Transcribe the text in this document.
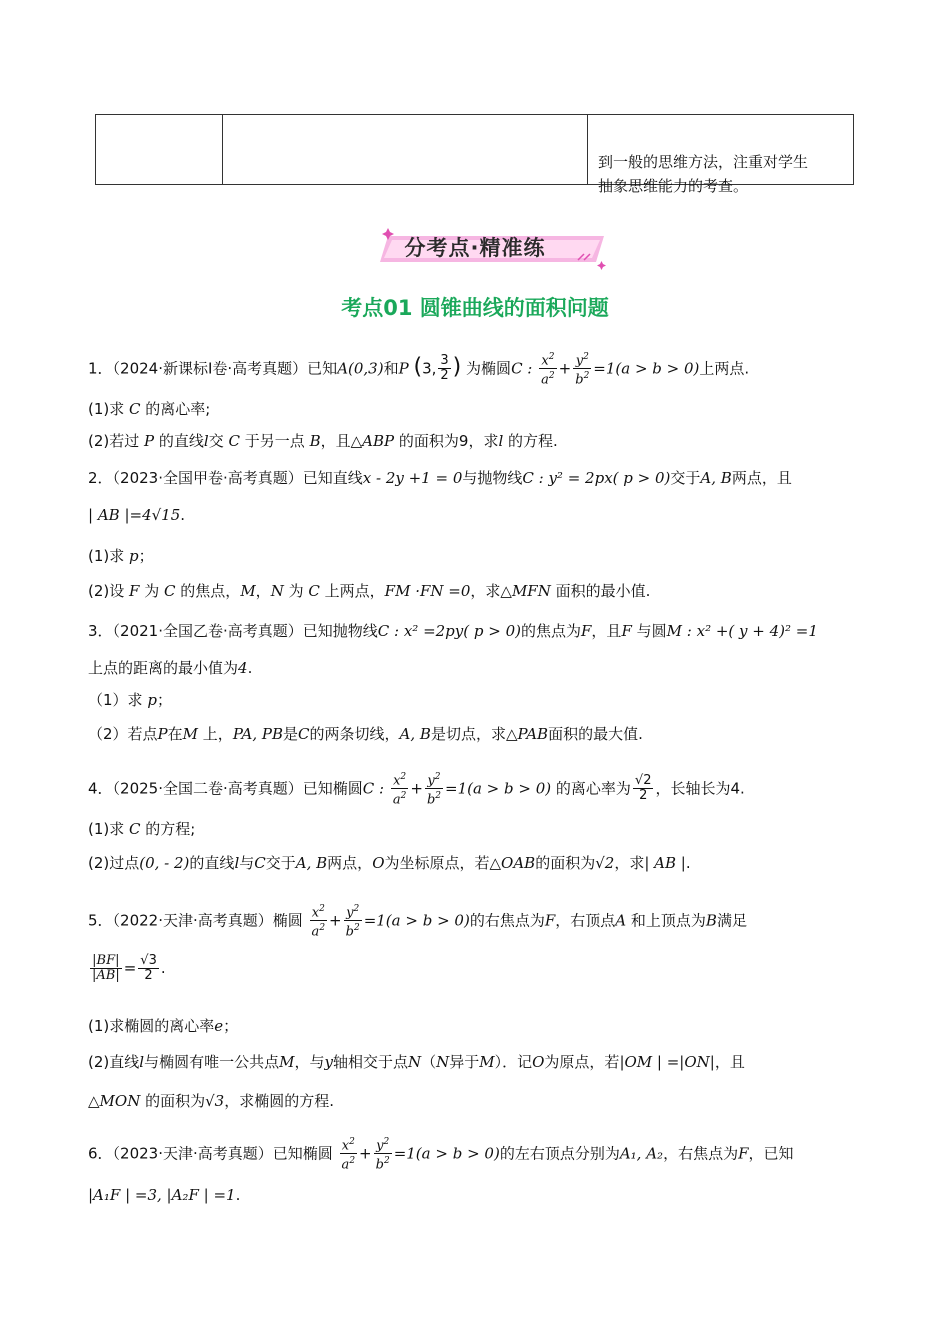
到一般的思维方法，注重对学生
抽象思维能力的考查。
分考点·精准练
考点01 圆锥曲线的面积问题
1．（2024·新课标Ⅰ卷·高考真题）已知A(0,3)和P (3, $\frac{3}{2}$ ) 为椭圆C : $\frac{x^2}{a^2} + \frac{y^2}{b^2} =1(a > b > 0)$上两点.
(1)求 C 的离心率;
(2)若过 P 的直线l交 C 于另一点 B，且△ABP 的面积为9，求l 的方程.
2．（2023·全国甲卷·高考真题）已知直线x - 2y +1 = 0与抛物线C : y² = 2px( p > 0)交于A, B两点，且
| AB |=4√15.
(1)求 p；
(2)设 F 为 C 的焦点，M，N 为 C 上两点，FM ·FN =0，求△MFN 面积的最小值.
3．（2021·全国乙卷·高考真题）已知抛物线C : x² =2py( p > 0)的焦点为F，且F 与圆M : x² +( y + 4)² =1
上点的距离的最小值为4.
（1）求 p；
（2）若点P在M 上，PA, PB是C的两条切线，A, B是切点，求△PAB面积的最大值.
4．（2025·全国二卷·高考真题）已知椭圆C : $\frac{x^2}{a^2} + \frac{y^2}{b^2} =1(a > b > 0)$ 的离心率为 $\frac{√2}{2}$ ，长轴长为4.
(1)求 C 的方程;
(2)过点(0, - 2)的直线l与C交于A, B两点，O为坐标原点，若△OAB的面积为√2，求| AB |.
5．（2022·天津·高考真题）椭圆 $\frac{x^2}{a^2} + \frac{y^2}{b^2} =1(a > b > 0)$的右焦点为F，右顶点A 和上顶点为B满足
$\frac{|BF|}{|AB|} = \frac{√3}{2}$ .
(1)求椭圆的离心率e；
(2)直线l与椭圆有唯一公共点M，与y轴相交于点N（N异于M）．记O为原点，若|OM | =|ON|，且
△MON 的面积为√3，求椭圆的方程.
6．（2023·天津·高考真题）已知椭圆 $\frac{x^2}{a^2} + \frac{y^2}{b^2} =1(a > b > 0)$的左右顶点分别为A₁, A₂，右焦点为F，已知
|A₁F | =3, |A₂F | =1.
